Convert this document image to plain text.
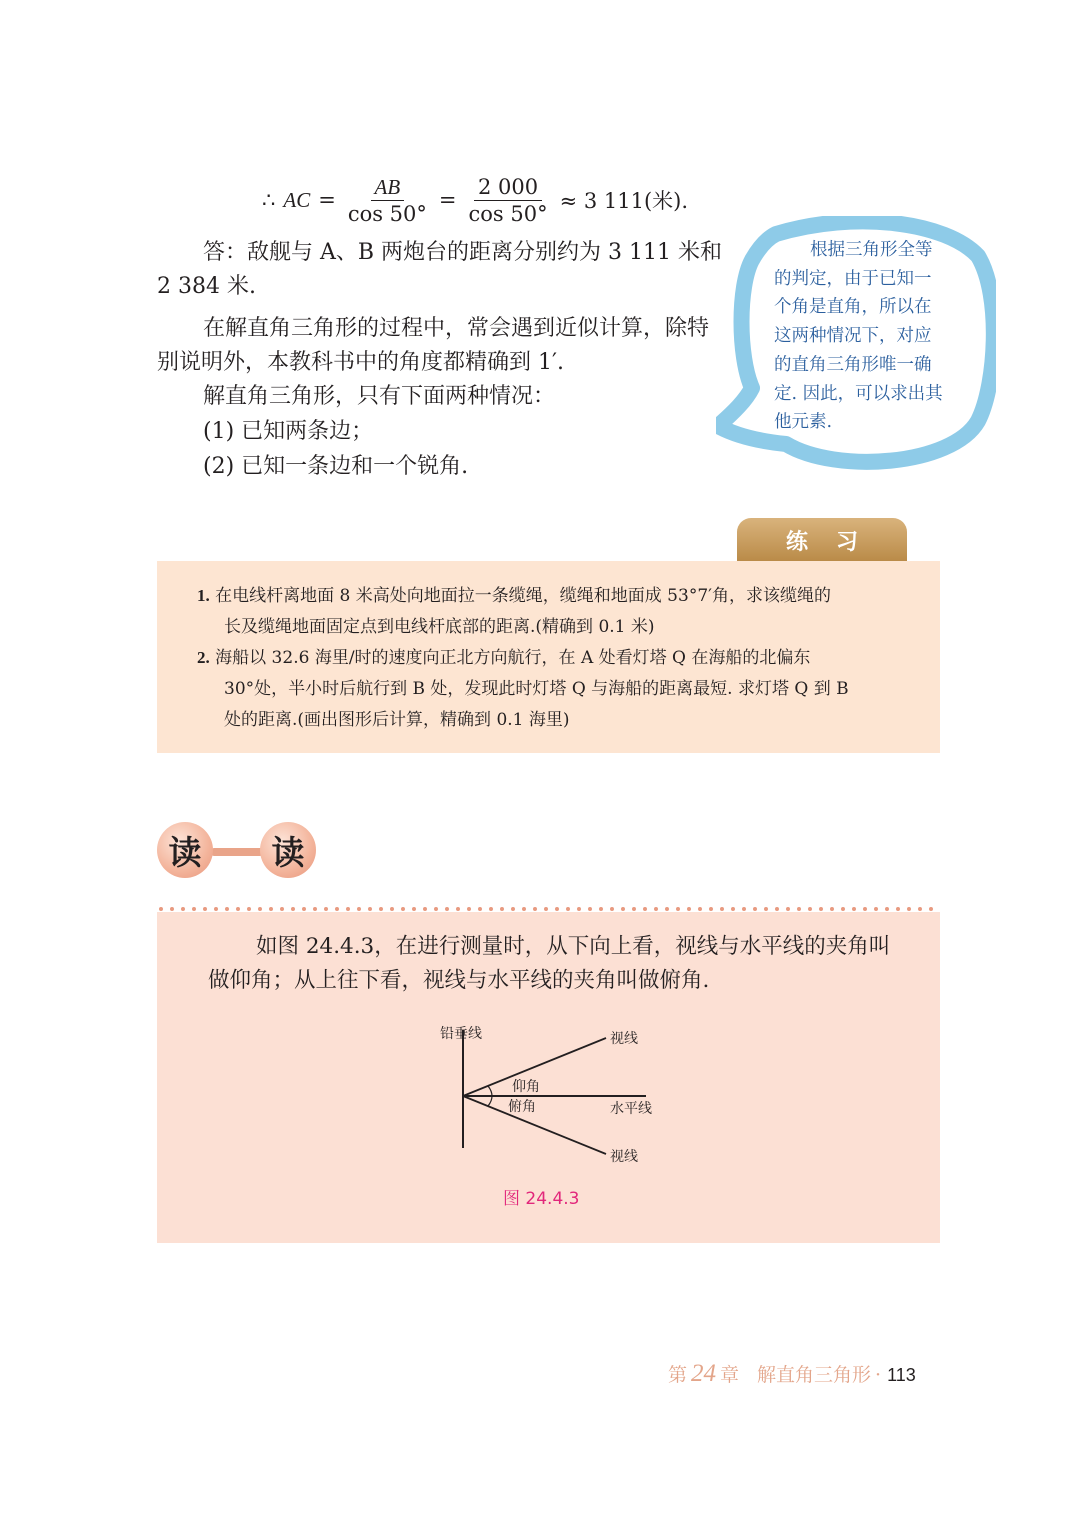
∴ AC = $\frac{AB}{\cos 50^\circ} = \frac{2 000}{\cos 50^\circ} \approx 3$ 111(米).
答：敌舰与 A、B 两炮台的距离分别约为 3 111 米和 2 384 米.
在解直角三角形的过程中，常会遇到近似计算，除特别说明外，本教科书中的角度都精确到 1′.
解直角三角形，只有下面两种情况：
(1) 已知两条边；
(2) 已知一条边和一个锐角.
根据三角形全等的判定，由于已知一个角是直角，所以在这两种情况下，对应的直角三角形唯一确定. 因此，可以求出其他元素.
练习
1. 在电线杆离地面 8 米高处向地面拉一条缆绳，缆绳和地面成 53°7′角，求该缆绳的
长及缆绳地面固定点到电线杆底部的距离.(精确到 0.1 米)
2. 海船以 32.6 海里/时的速度向正北方向航行，在 A 处看灯塔 Q 在海船的北偏东
30°处，半小时后航行到 B 处，发现此时灯塔 Q 与海船的距离最短. 求灯塔 Q 到 B
处的距离.(画出图形后计算，精确到 0.1 海里)
读	读
如图 24.4.3，在进行测量时，从下向上看，视线与水平线的夹角叫做仰角；从上往下看，视线与水平线的夹角叫做俯角.
铅垂线	视线
仰角
俯角	水平线
视线
图 24.4.3
第 24 章 解直角三角形 · 113
